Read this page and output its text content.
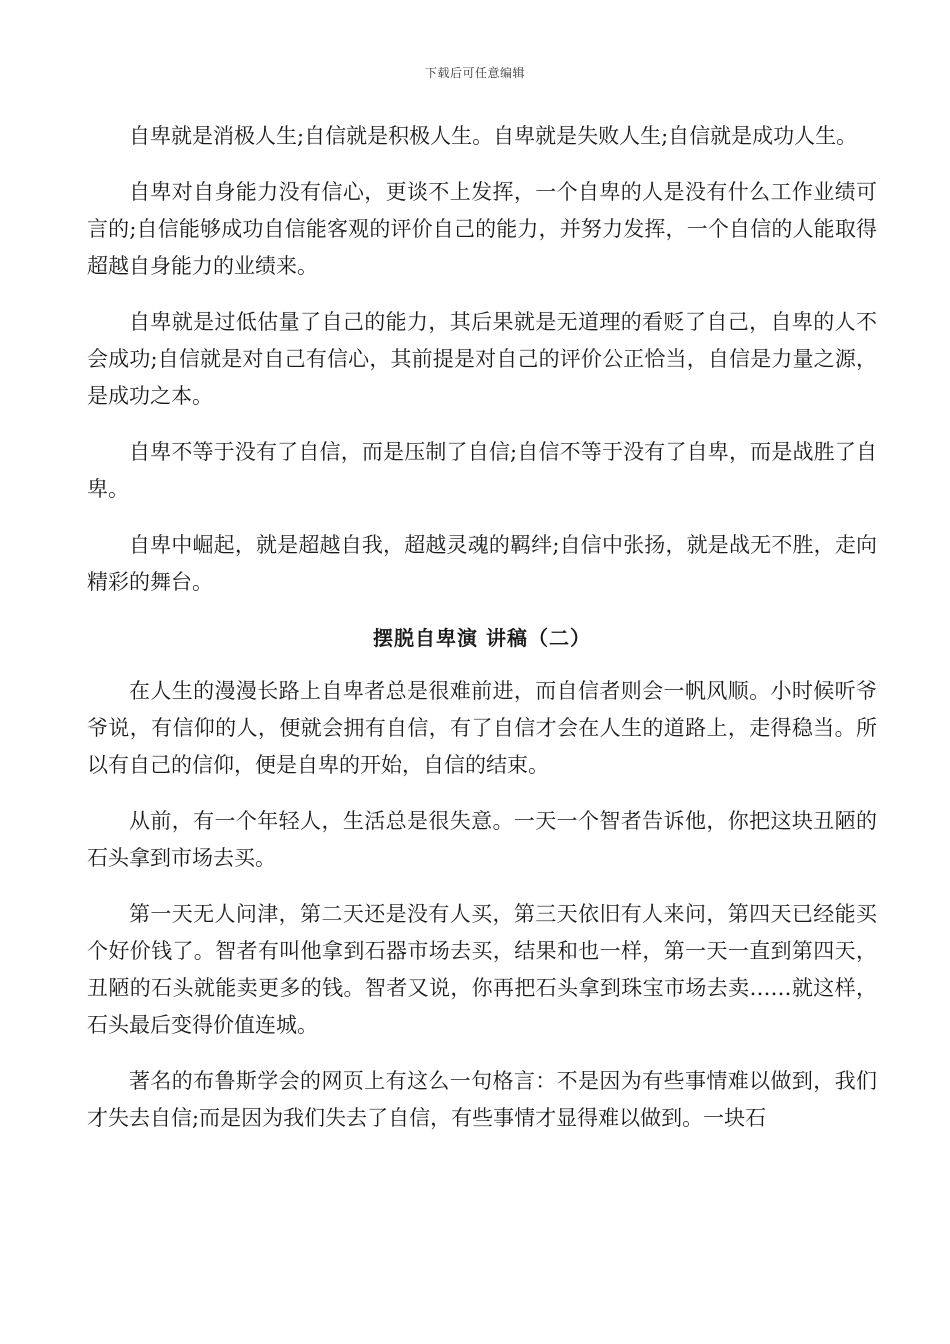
下载后可任意编辑

自卑就是消极人生;自信就是积极人生。自卑就是失败人生;自信就是成功人生。

自卑对自身能力没有信心，更谈不上发挥，一个自卑的人是没有什么工作业绩可言的;自信能够成功自信能客观的评价自己的能力，并努力发挥，一个自信的人能取得超越自身能力的业绩来。

自卑就是过低估量了自己的能力，其后果就是无道理的看贬了自己，自卑的人不会成功;自信就是对自己有信心，其前提是对自己的评价公正恰当，自信是力量之源，是成功之本。

自卑不等于没有了自信，而是压制了自信;自信不等于没有了自卑，而是战胜了自卑。

自卑中崛起，就是超越自我，超越灵魂的羁绊;自信中张扬，就是战无不胜，走向精彩的舞台。

摆脱自卑演 讲稿（二）

在人生的漫漫长路上自卑者总是很难前进，而自信者则会一帆风顺。小时候听爷爷说，有信仰的人，便就会拥有自信，有了自信才会在人生的道路上，走得稳当。所以有自己的信仰，便是自卑的开始，自信的结束。

从前，有一个年轻人，生活总是很失意。一天一个智者告诉他，你把这块丑陋的石头拿到市场去买。

第一天无人问津，第二天还是没有人买，第三天依旧有人来问，第四天已经能买个好价钱了。智者有叫他拿到石器市场去买，结果和也一样，第一天一直到第四天，丑陋的石头就能卖更多的钱。智者又说，你再把石头拿到珠宝市场去卖……就这样，石头最后变得价值连城。

著名的布鲁斯学会的网页上有这么一句格言：不是因为有些事情难以做到，我们才失去自信;而是因为我们失去了自信，有些事情才显得难以做到。一块石
